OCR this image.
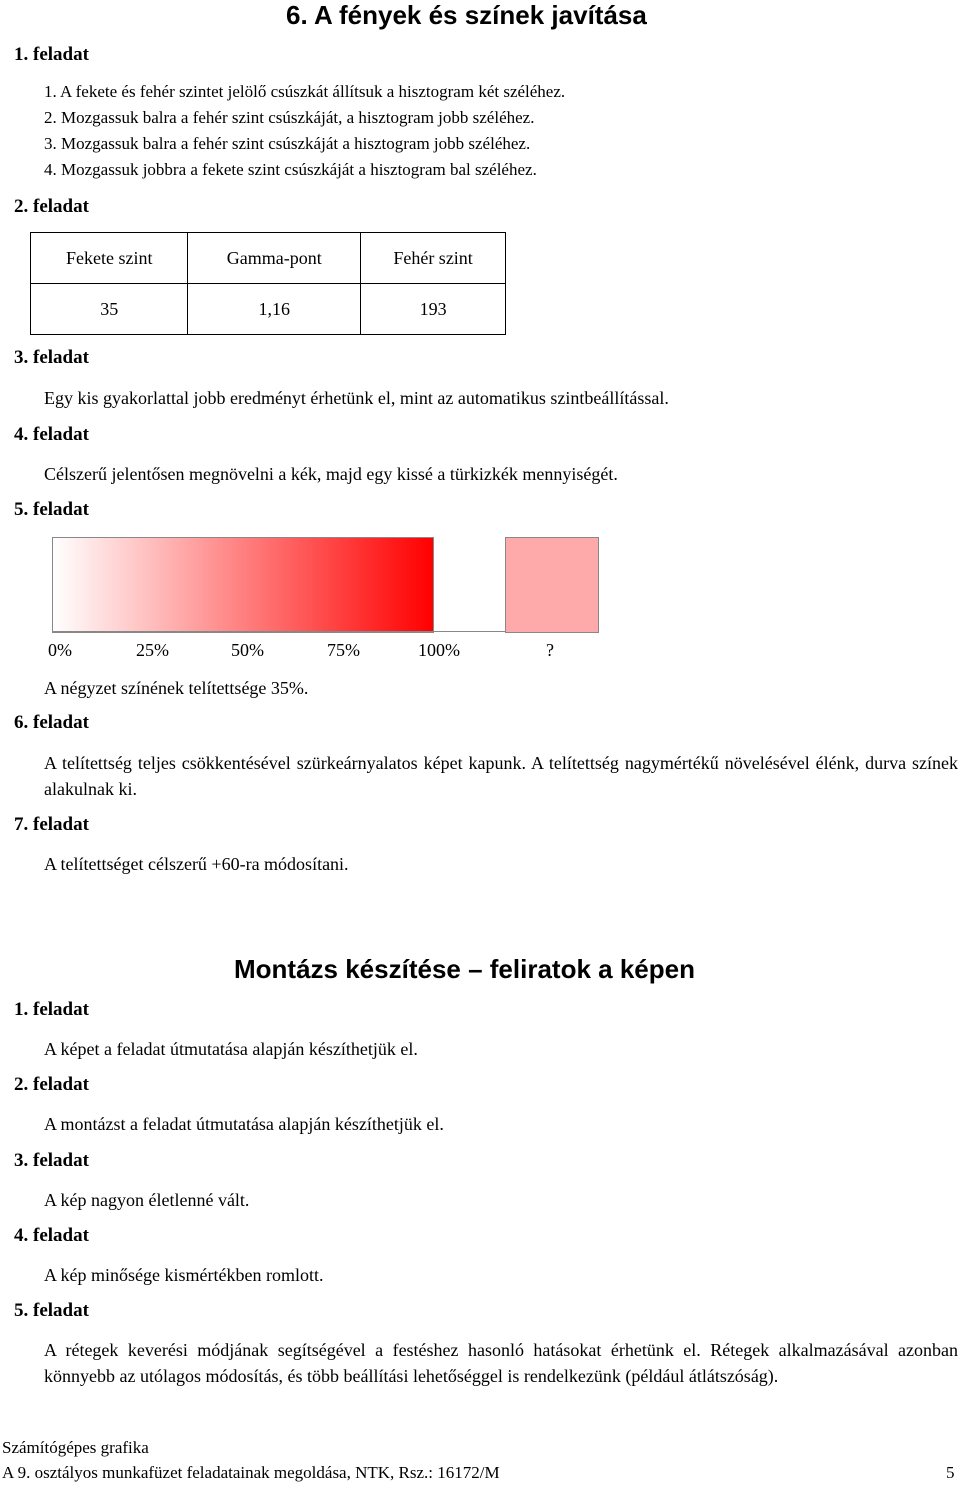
6. A fények és színek javítása
1. feladat
1. A fekete és fehér szintet jelölő csúszkát állítsuk a hisztogram két széléhez.
2. Mozgassuk balra a fehér szint csúszkáját, a hisztogram jobb széléhez.
3. Mozgassuk balra a fehér szint csúszkáját a hisztogram jobb széléhez.
4. Mozgassuk jobbra a fekete szint csúszkáját a hisztogram bal széléhez.
2. feladat
Fekete szint	Gamma-pont	Fehér szint
35	1,16	193
3. feladat
Egy kis gyakorlattal jobb eredményt érhetünk el, mint az automatikus szintbeállítással.
4. feladat
Célszerű jelentősen megnövelni a kék, majd egy kissé a türkizkék mennyiségét.
5. feladat
0%	25%	50%	75%	100%	?
A négyzet színének telítettsége 35%.
6. feladat
A telítettség teljes csökkentésével szürkeárnyalatos képet kapunk. A telítettség nagymértékű növelésével élénk, durva színek alakulnak ki.
7. feladat
A telítettséget célszerű +60-ra módosítani.
Montázs készítése – feliratok a képen
1. feladat
A képet a feladat útmutatása alapján készíthetjük el.
2. feladat
A montázst a feladat útmutatása alapján készíthetjük el.
3. feladat
A kép nagyon életlenné vált.
4. feladat
A kép minősége kismértékben romlott.
5. feladat
A rétegek keverési módjának segítségével a festéshez hasonló hatásokat érhetünk el. Rétegek alkalmazásával azonban könnyebb az utólagos módosítás, és több beállítási lehetőséggel is rendelkezünk (például átlátszóság).
Számítógépes grafika
A 9. osztályos munkafüzet feladatainak megoldása, NTK, Rsz.: 16172/M	5
